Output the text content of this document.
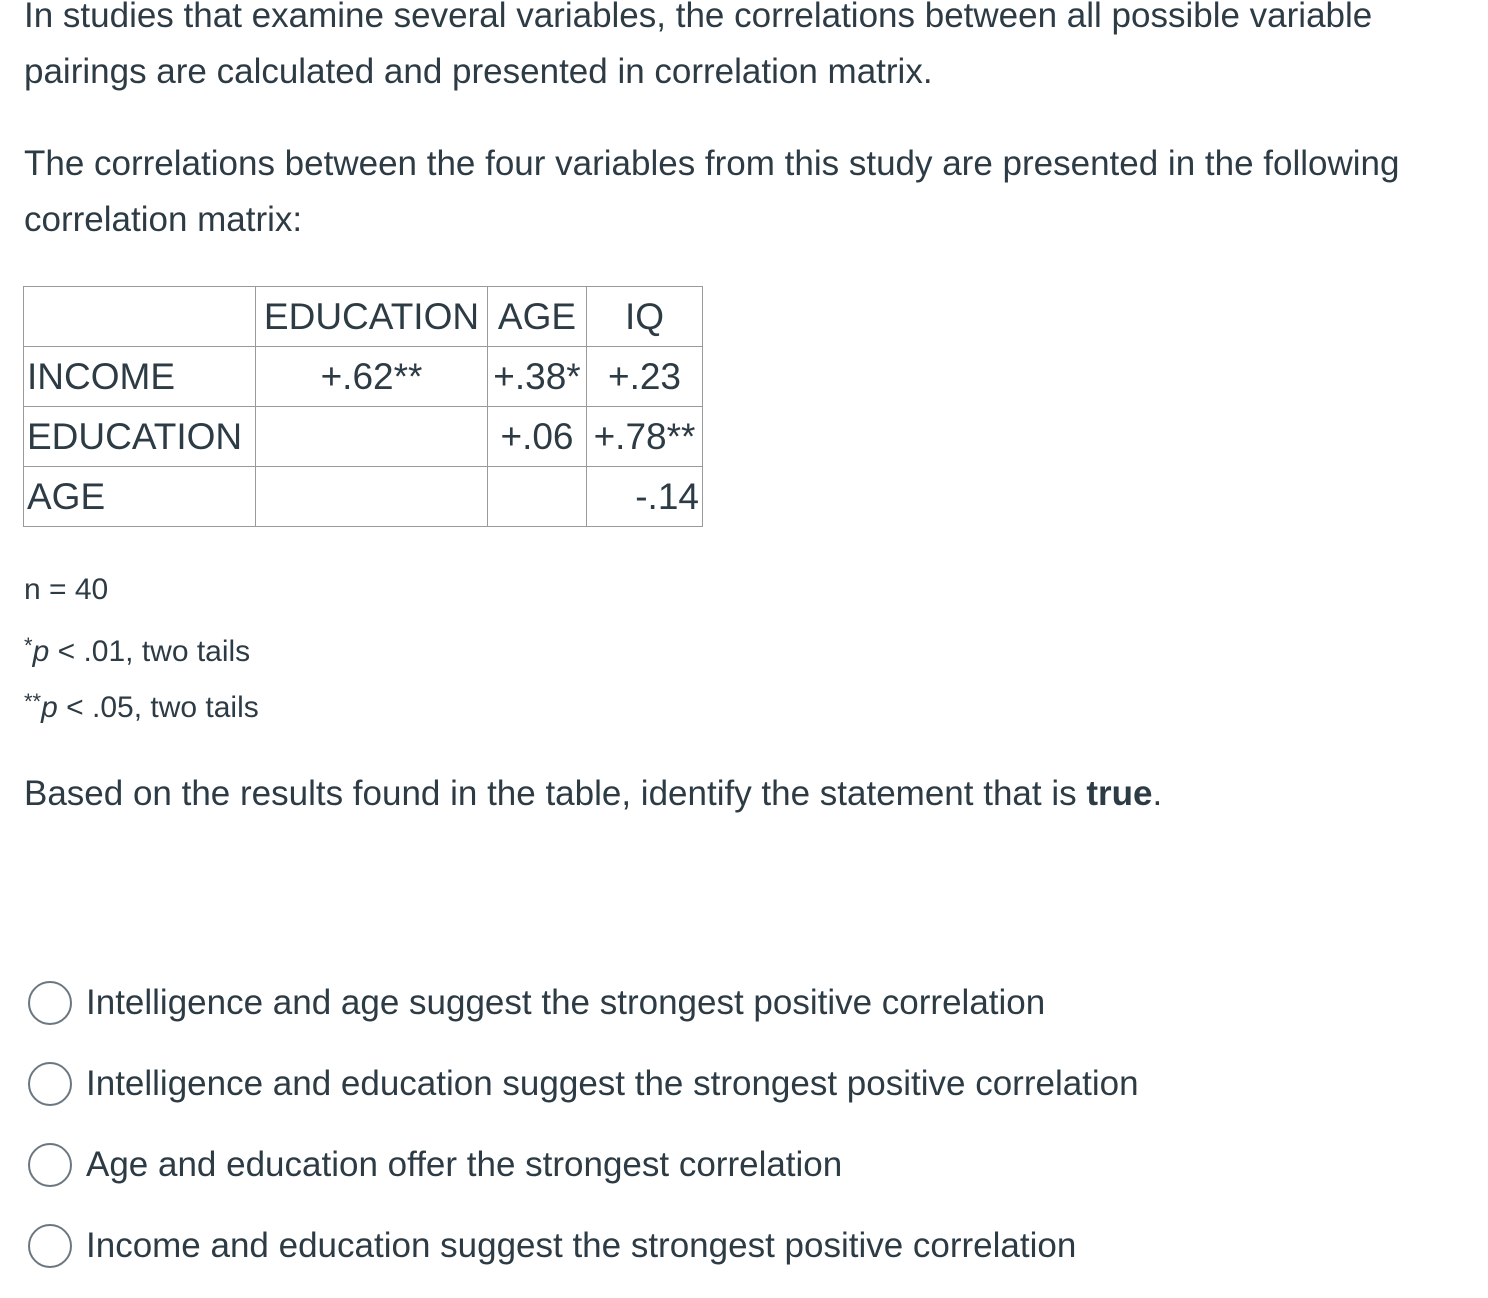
In studies that examine several variables, the correlations between all possible variable pairings are calculated and presented in correlation matrix.

The correlations between the four variables from this study are presented in the following correlation matrix:

	EDUCATION	AGE	IQ
INCOME	+.62**	+.38*	+.23
EDUCATION		+.06	+.78**
AGE			-.14

n = 40

*p < .01, two tails

**p < .05, two tails

Based on the results found in the table, identify the statement that is true.

Intelligence and age suggest the strongest positive correlation
Intelligence and education suggest the strongest positive correlation
Age and education offer the strongest correlation
Income and education suggest the strongest positive correlation
